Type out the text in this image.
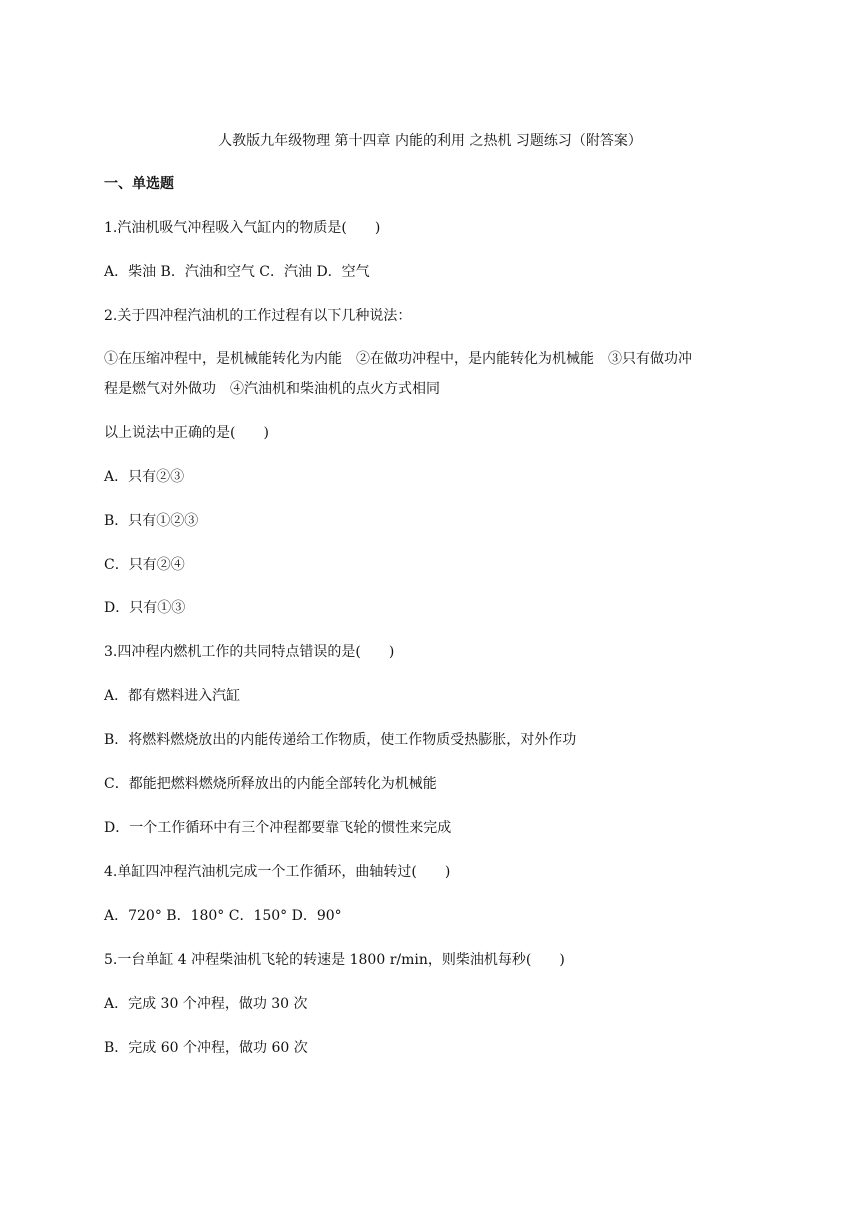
人教版九年级物理 第十四章 内能的利用 之热机 习题练习（附答案）
一、单选题
1.汽油机吸气冲程吸入气缸内的物质是(　　)
A．柴油 B．汽油和空气 C．汽油 D．空气
2.关于四冲程汽油机的工作过程有以下几种说法：
①在压缩冲程中，是机械能转化为内能　②在做功冲程中，是内能转化为机械能　③只有做功冲
程是燃气对外做功　④汽油机和柴油机的点火方式相同
以上说法中正确的是(　　)
A．只有②③
B．只有①②③
C．只有②④
D．只有①③
3.四冲程内燃机工作的共同特点错误的是(　　)
A．都有燃料进入汽缸
B．将燃料燃烧放出的内能传递给工作物质，使工作物质受热膨胀，对外作功
C．都能把燃料燃烧所释放出的内能全部转化为机械能
D．一个工作循环中有三个冲程都要靠飞轮的惯性来完成
4.单缸四冲程汽油机完成一个工作循环，曲轴转过(　　)
A．720° B．180° C．150° D．90°
5.一台单缸 4 冲程柴油机飞轮的转速是 1800 r/min，则柴油机每秒(　　)
A．完成 30 个冲程，做功 30 次
B．完成 60 个冲程，做功 60 次
